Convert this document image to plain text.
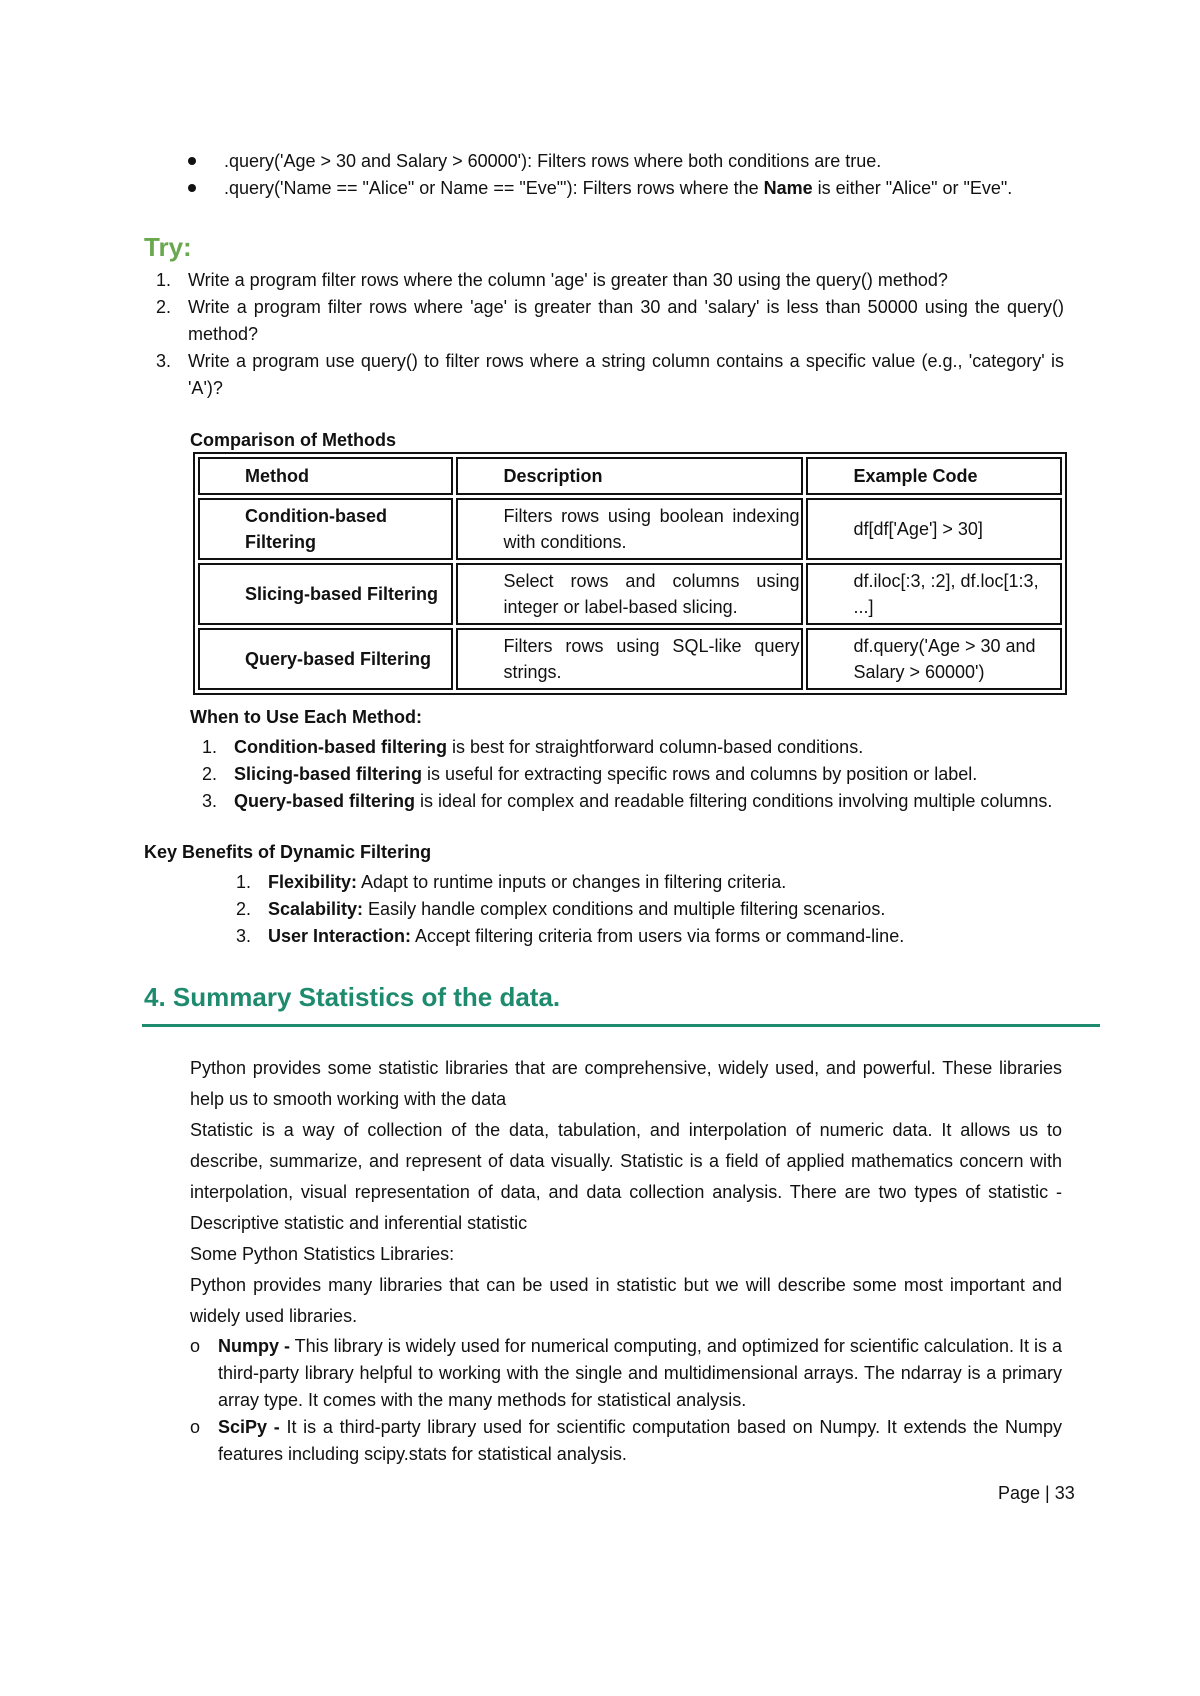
.query('Age > 30 and Salary > 60000'): Filters rows where both conditions are true.

.query('Name == "Alice" or Name == "Eve"'): Filters rows where the Name is either "Alice" or "Eve".

Try:
1. Write a program filter rows where the column 'age' is greater than 30 using the query() method?
2. Write a program filter rows where 'age' is greater than 30 and 'salary' is less than 50000 using the query() method?
3. Write a program use query() to filter rows where a string column contains a specific value (e.g., 'category' is 'A')?
Comparison of Methods
Method	Description	Example Code
Condition-based Filtering	Filters rows using boolean indexing with conditions.	df[df['Age'] > 30]
Slicing-based Filtering	Select rows and columns using integer or label-based slicing.	df.iloc[:3, :2], df.loc[1:3, ...]
Query-based Filtering	Filters rows using SQL-like query strings.	df.query('Age > 30 and Salary > 60000')
When to Use Each Method:
1. Condition-based filtering is best for straightforward column-based conditions.
2. Slicing-based filtering is useful for extracting specific rows and columns by position or label.
3. Query-based filtering is ideal for complex and readable filtering conditions involving multiple columns.
Key Benefits of Dynamic Filtering
1. Flexibility: Adapt to runtime inputs or changes in filtering criteria.
2. Scalability: Easily handle complex conditions and multiple filtering scenarios.
3. User Interaction: Accept filtering criteria from users via forms or command-line.
4. Summary Statistics of the data.

Python provides some statistic libraries that are comprehensive, widely used, and powerful. These libraries help us to smooth working with the data

Statistic is a way of collection of the data, tabulation, and interpolation of numeric data. It allows us to describe, summarize, and represent of data visually. Statistic is a field of applied mathematics concern with interpolation, visual representation of data, and data collection analysis. There are two types of statistic - Descriptive statistic and inferential statistic

Some Python Statistics Libraries:

Python provides many libraries that can be used in statistic but we will describe some most important and widely used libraries.

o Numpy - This library is widely used for numerical computing, and optimized for scientific calculation. It is a third-party library helpful to working with the single and multidimensional arrays. The ndarray is a primary array type. It comes with the many methods for statistical analysis.
o SciPy - It is a third-party library used for scientific computation based on Numpy. It extends the Numpy features including scipy.stats for statistical analysis.
Page | 33
